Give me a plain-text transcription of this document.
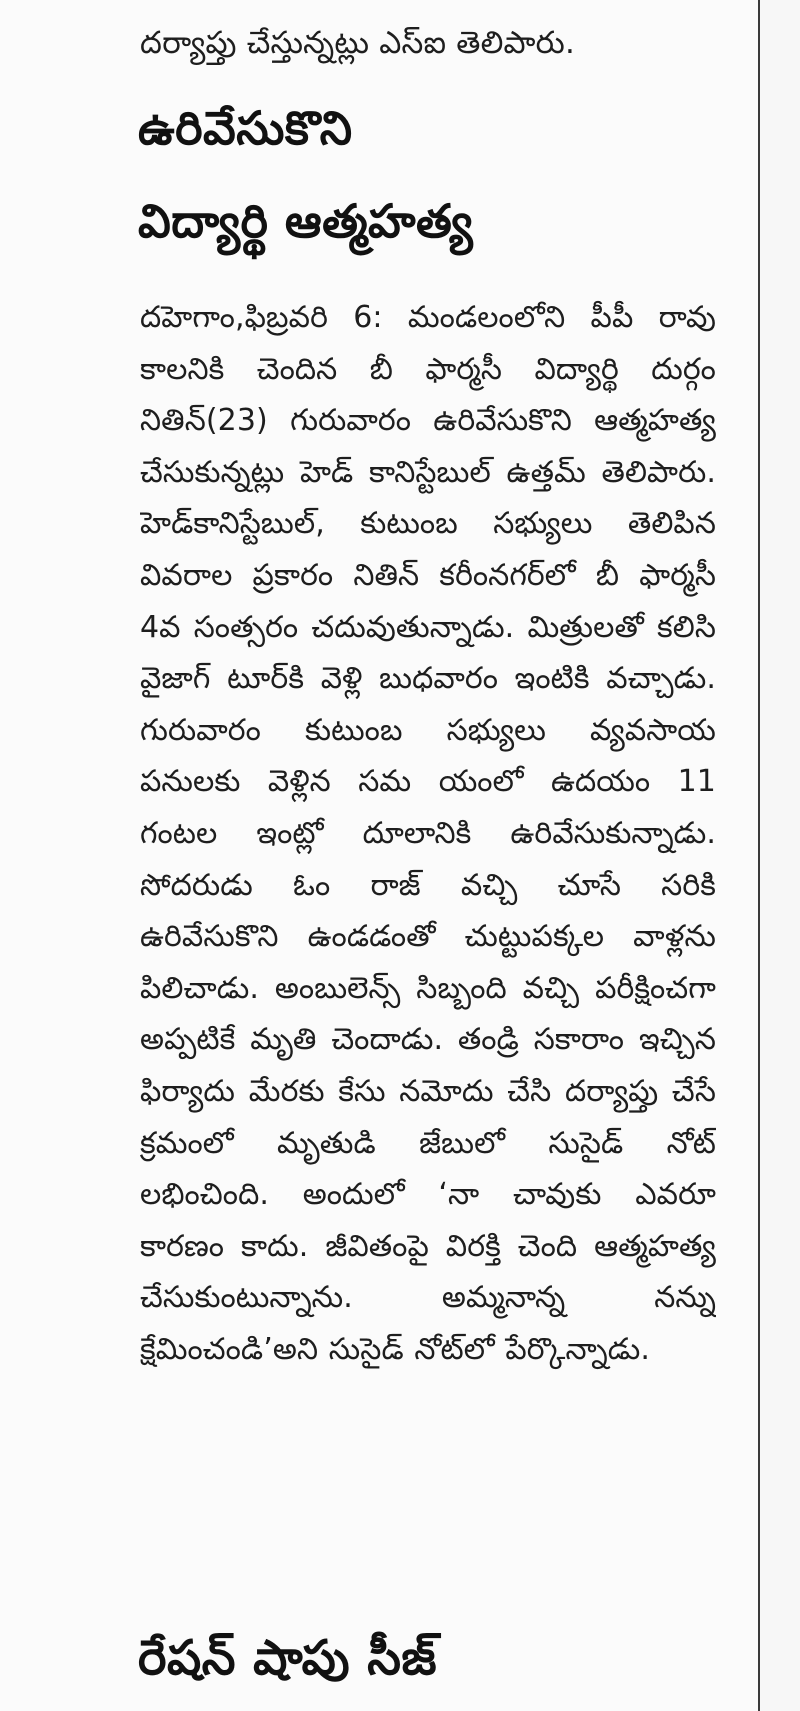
దర్యాప్తు చేస్తున్నట్లు ఎస్ఐ తెలిపారు.

ఉరివేసుకొని
విద్యార్థి ఆత్మహత్య

దహెగాం,ఫిబ్రవరి 6: మండలంలోని పీపీ రావు కాలనికి చెందిన బీ ఫార్మసీ విద్యార్థి దుర్గం నితిన్(23) గురువారం ఉరివేసుకొని ఆత్మహత్య చేసుకున్నట్లు హెడ్ కానిస్టేబుల్ ఉత్తమ్ తెలిపారు. హెడ్‌కానిస్టేబుల్, కుటుంబ సభ్యులు తెలిపిన వివరాల ప్రకారం నితిన్ కరీంనగర్‌లో బీ ఫార్మసీ 4వ సంత్సరం చదువుతున్నాడు. మిత్రులతో కలిసి వైజాగ్ టూర్‌కి వెళ్లి బుధవారం ఇంటికి వచ్చాడు. గురువారం కుటుంబ సభ్యులు వ్యవసాయ పనులకు వెళ్లిన సమ యంలో ఉదయం 11 గంటల ఇంట్లో దూలానికి ఉరివేసుకున్నాడు. సోదరుడు ఓం రాజ్ వచ్చి చూసే సరికి ఉరివేసుకొని ఉండడంతో చుట్టుపక్కల వాళ్లను పిలిచాడు. అంబులెన్స్ సిబ్బంది వచ్చి పరీక్షించగా అప్పటికే మృతి చెందాడు. తండ్రి సకారాం ఇచ్చిన ఫిర్యాదు మేరకు కేసు నమోదు చేసి దర్యాప్తు చేసే క్రమంలో మృతుడి జేబులో సుసైడ్ నోట్ లభించింది. అందులో ‘నా చావుకు ఎవరూ కారణం కాదు. జీవితంపై విరక్తి చెంది ఆత్మహత్య చేసుకుంటున్నాను. అమ్మనాన్న నన్ను క్షేమించండి’అని సుసైడ్ నోట్‌లో పేర్కొన్నాడు.

రేషన్ షాపు సీజ్
